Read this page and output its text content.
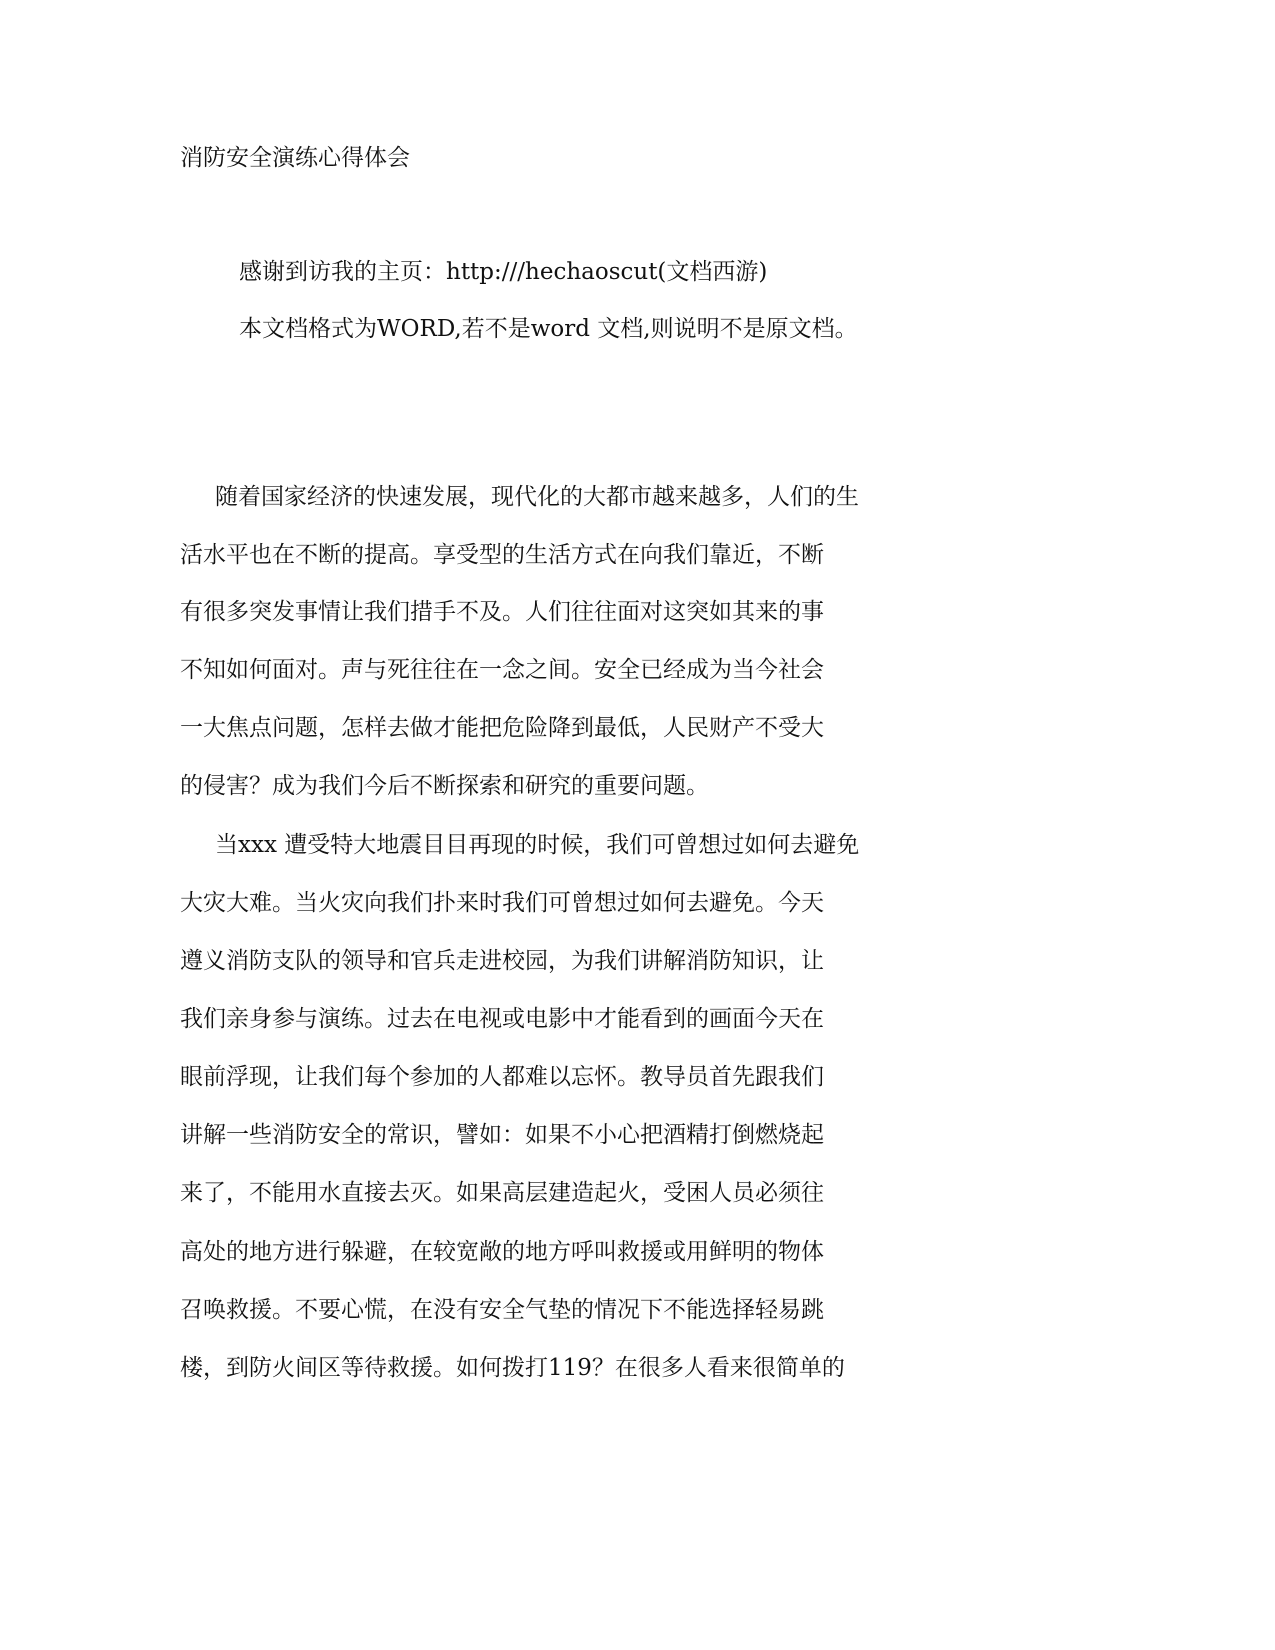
消防安全演练心得体会
感谢到访我的主页：http:///hechaoscut(文档西游)
本文档格式为WORD,若不是word 文档,则说明不是原文档。
随着国家经济的快速发展，现代化的大都市越来越多，人们的生
活水平也在不断的提高。享受型的生活方式在向我们靠近，不断
有很多突发事情让我们措手不及。人们往往面对这突如其来的事
不知如何面对。声与死往往在一念之间。安全已经成为当今社会
一大焦点问题，怎样去做才能把危险降到最低，人民财产不受大
的侵害？成为我们今后不断探索和研究的重要问题。
当xxx 遭受特大地震目目再现的时候，我们可曾想过如何去避免
大灾大难。当火灾向我们扑来时我们可曾想过如何去避免。今天
遵义消防支队的领导和官兵走进校园，为我们讲解消防知识，让
我们亲身参与演练。过去在电视或电影中才能看到的画面今天在
眼前浮现，让我们每个参加的人都难以忘怀。教导员首先跟我们
讲解一些消防安全的常识，譬如：如果不小心把酒精打倒燃烧起
来了，不能用水直接去灭。如果高层建造起火，受困人员必须往
高处的地方进行躲避，在较宽敞的地方呼叫救援或用鲜明的物体
召唤救援。不要心慌，在没有安全气垫的情况下不能选择轻易跳
楼，到防火间区等待救援。如何拨打119？在很多人看来很简单的
